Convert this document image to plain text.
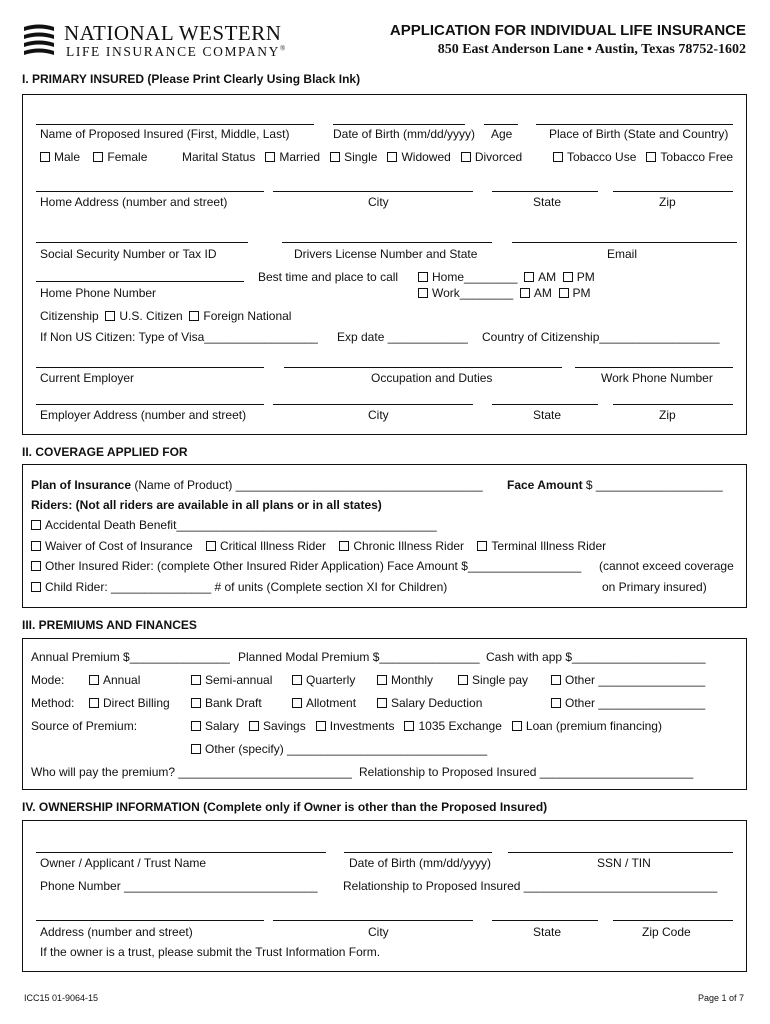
NATIONAL WESTERN
LIFE INSURANCE COMPANY®
APPLICATION FOR INDIVIDUAL LIFE INSURANCE
850 East Anderson Lane • Austin, Texas 78752-1602
I. PRIMARY INSURED (Please Print Clearly Using Black Ink)
Name of Proposed Insured (First, Middle, Last)	Date of Birth (mm/dd/yyyy) Age	Place of Birth (State and Country)
Male Female	Marital Status Married Single Widowed Divorced	Tobacco Use Tobacco Free
Home Address (number and street)	City	State	Zip
Social Security Number or Tax ID	Drivers License Number and State	Email
Best time and place to call	Home________ AM PM
Home Phone Number	Work________ AM PM
Citizenship U.S. Citizen Foreign National
If Non US Citizen: Type of Visa_________________ Exp date ____________ Country of Citizenship__________________
Current Employer	Occupation and Duties	Work Phone Number
Employer Address (number and street)	City	State	Zip
II. COVERAGE APPLIED FOR
Plan of Insurance (Name of Product) _____________________________________ Face Amount $ ___________________
Riders: (Not all riders are available in all plans or in all states)
Accidental Death Benefit_______________________________________
Waiver of Cost of Insurance Critical Illness Rider Chronic Illness Rider Terminal Illness Rider
Other Insured Rider: (complete Other Insured Rider Application) Face Amount $_________________ (cannot exceed coverage
Child Rider: _______________ # of units (Complete section XI for Children)	on Primary insured)
III. PREMIUMS AND FINANCES
Annual Premium $_______________ Planned Modal Premium $_______________ Cash with app $____________________
Mode:	Annual	Semi-annual	Quarterly	Monthly	Single pay	Other ________________
Method:	Direct Billing	Bank Draft	Allotment	Salary Deduction	Other ________________
Source of Premium:	Salary Savings Investments 1035 Exchange Loan (premium financing)
Other (specify) ______________________________
Who will pay the premium? __________________________ Relationship to Proposed Insured _______________________
IV. OWNERSHIP INFORMATION (Complete only if Owner is other than the Proposed Insured)
Owner / Applicant / Trust Name	Date of Birth (mm/dd/yyyy)	SSN / TIN
Phone Number _____________________________ Relationship to Proposed Insured _____________________________
Address (number and street)	City	State	Zip Code
If the owner is a trust, please submit the Trust Information Form.
ICC15 01-9064-15	Page 1 of 7
